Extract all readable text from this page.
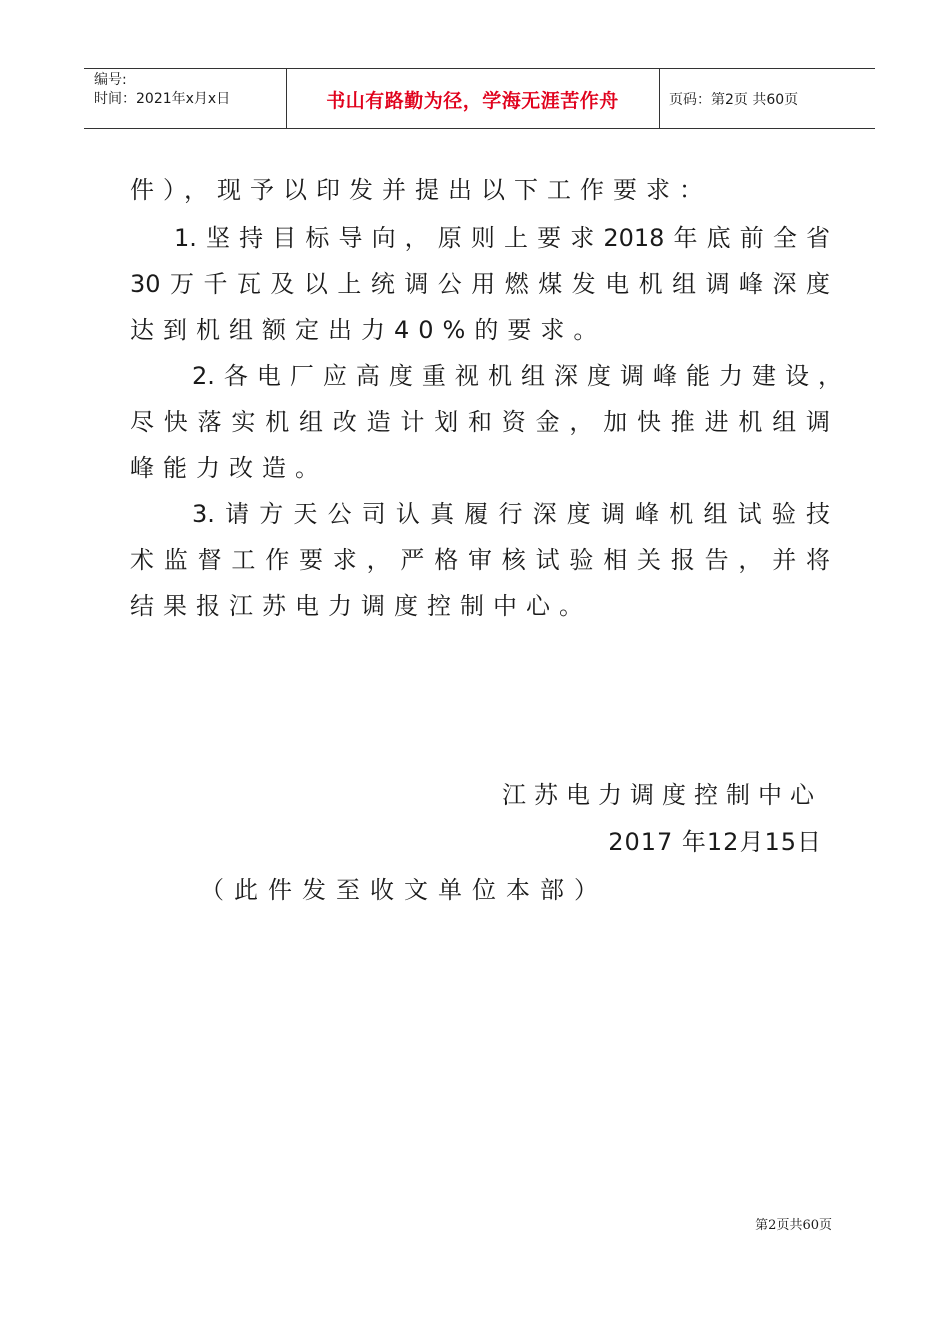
编号:
时间：2021年x月x日	书山有路勤为径，学海无涯苦作舟	页码：第2页 共60页
件），现予以印发并提出以下工作要求：
1.坚持目标导向，原则上要求2018年底前全省
30万千瓦及以上统调公用燃煤发电机组调峰深度
达到机组额定出力40%的要求。
2.各电厂应高度重视机组深度调峰能力建设，
尽快落实机组改造计划和资金，加快推进机组调
峰能力改造。
3.请方天公司认真履行深度调峰机组试验技
术监督工作要求，严格审核试验相关报告，并将
结果报江苏电力调度控制中心。
江苏电力调度控制中心
2017 年12月15日
（此件发至收文单位本部）
第2页共60页
